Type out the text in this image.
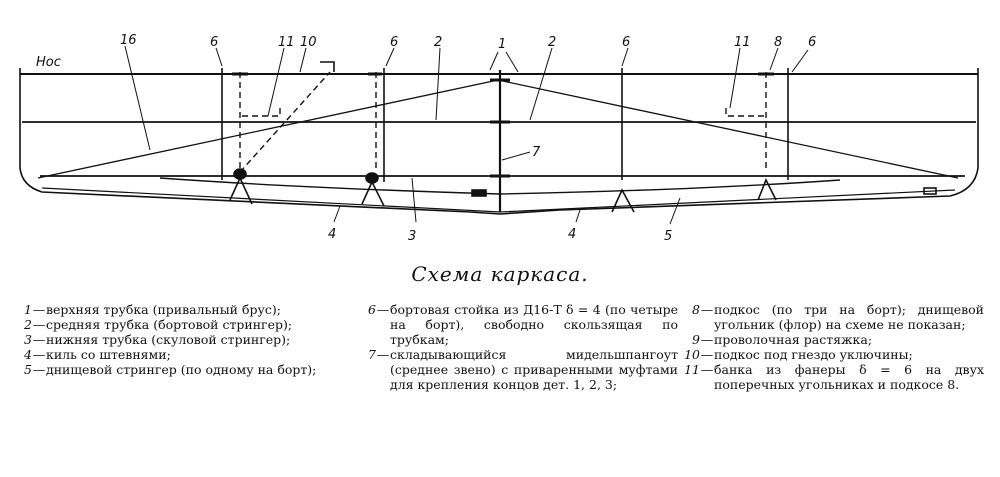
Нос
16	6	11 10	6	2	1	2	6	11 8 6
7
4	3	4	5
Схема каркаса.
1 — верхняя трубка (привальный брус);
2 — средняя трубка (бортовой стрингер);
3 — нижняя трубка (скуловой стрингер);
4 — киль со штевнями;
5 — днищевой стрингер (по одному на борт);
6 — бортовая стойка из Д16-Т δ = 4 (по четыре на борт), свободно скользящая по трубкам;
7 — складывающийся мидельшпангоут (среднее звено) с приваренными муфтами для крепления концов дет. 1, 2, 3;
8 — подкос (по три на борт); днищевой угольник (флор) на схеме не показан;
9 — проволочная растяжка;
10 — подкос под гнездо уключины;
11 — банка из фанеры δ = 6 на двух поперечных угольниках и подкосе 8.
